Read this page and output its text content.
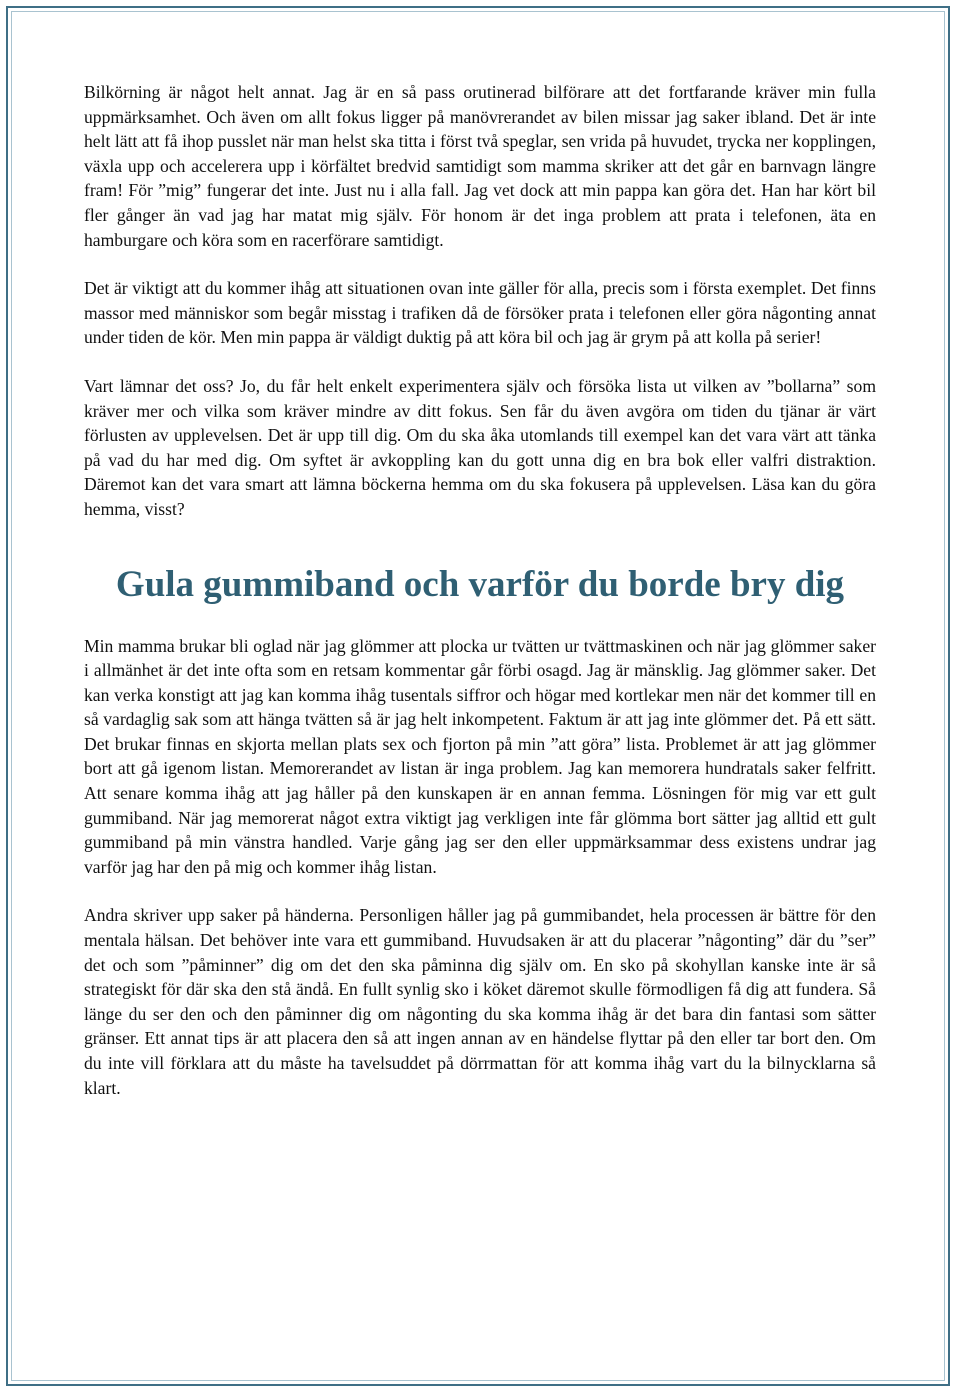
Bilkörning är något helt annat. Jag är en så pass orutinerad bilförare att det fortfarande kräver min fulla uppmärksamhet. Och även om allt fokus ligger på manövrerandet av bilen missar jag saker ibland. Det är inte helt lätt att få ihop pusslet när man helst ska titta i först två speglar, sen vrida på huvudet, trycka ner kopplingen, växla upp och accelerera upp i körfältet bredvid samtidigt som mamma skriker att det går en barnvagn längre fram! För ”mig” fungerar det inte. Just nu i alla fall. Jag vet dock att min pappa kan göra det. Han har kört bil fler gånger än vad jag har matat mig själv. För honom är det inga problem att prata i telefonen, äta en hamburgare och köra som en racerförare samtidigt.

Det är viktigt att du kommer ihåg att situationen ovan inte gäller för alla, precis som i första exemplet. Det finns massor med människor som begår misstag i trafiken då de försöker prata i telefonen eller göra någonting annat under tiden de kör. Men min pappa är väldigt duktig på att köra bil och jag är grym på att kolla på serier!

Vart lämnar det oss? Jo, du får helt enkelt experimentera själv och försöka lista ut vilken av ”bollarna” som kräver mer och vilka som kräver mindre av ditt fokus. Sen får du även avgöra om tiden du tjänar är värt förlusten av upplevelsen. Det är upp till dig. Om du ska åka utomlands till exempel kan det vara värt att tänka på vad du har med dig. Om syftet är avkoppling kan du gott unna dig en bra bok eller valfri distraktion. Däremot kan det vara smart att lämna böckerna hemma om du ska fokusera på upplevelsen. Läsa kan du göra hemma, visst?

Gula gummiband och varför du borde bry dig

Min mamma brukar bli oglad när jag glömmer att plocka ur tvätten ur tvättmaskinen och när jag glömmer saker i allmänhet är det inte ofta som en retsam kommentar går förbi osagd. Jag är mänsklig. Jag glömmer saker. Det kan verka konstigt att jag kan komma ihåg tusentals siffror och högar med kortlekar men när det kommer till en så vardaglig sak som att hänga tvätten så är jag helt inkompetent. Faktum är att jag inte glömmer det. På ett sätt. Det brukar finnas en skjorta mellan plats sex och fjorton på min ”att göra” lista. Problemet är att jag glömmer bort att gå igenom listan. Memorerandet av listan är inga problem. Jag kan memorera hundratals saker felfritt. Att senare komma ihåg att jag håller på den kunskapen är en annan femma. Lösningen för mig var ett gult gummiband. När jag memorerat något extra viktigt jag verkligen inte får glömma bort sätter jag alltid ett gult gummiband på min vänstra handled. Varje gång jag ser den eller uppmärksammar dess existens undrar jag varför jag har den på mig och kommer ihåg listan.

Andra skriver upp saker på händerna. Personligen håller jag på gummibandet, hela processen är bättre för den mentala hälsan. Det behöver inte vara ett gummiband. Huvudsaken är att du placerar ”någonting” där du ”ser” det och som ”påminner” dig om det den ska påminna dig själv om. En sko på skohyllan kanske inte är så strategiskt för där ska den stå ändå. En fullt synlig sko i köket däremot skulle förmodligen få dig att fundera. Så länge du ser den och den påminner dig om någonting du ska komma ihåg är det bara din fantasi som sätter gränser. Ett annat tips är att placera den så att ingen annan av en händelse flyttar på den eller tar bort den. Om du inte vill förklara att du måste ha tavelsuddet på dörrmattan för att komma ihåg vart du la bilnycklarna så klart.
